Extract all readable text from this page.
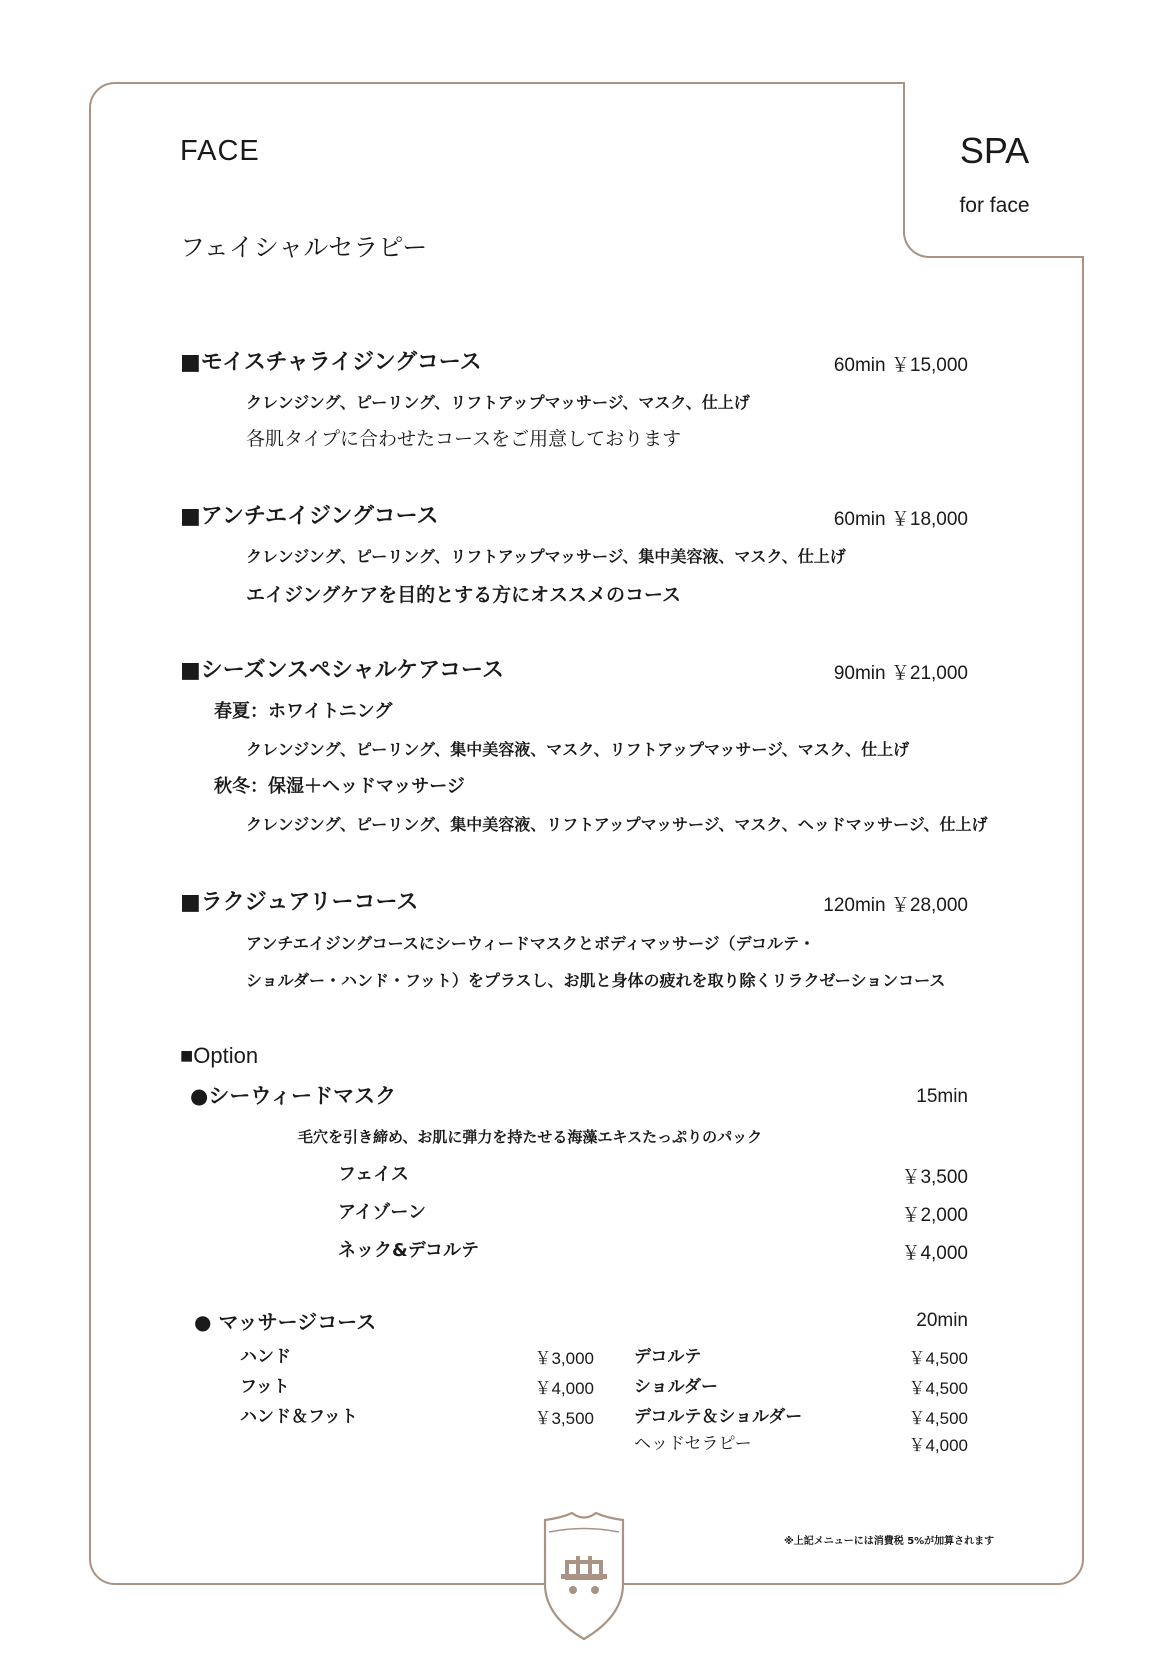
SPA
for face
FACE
フェイシャルセラピー
■モイスチャライジングコース	60min ￥15,000
クレンジング、ピーリング、リフトアップマッサージ、マスク、仕上げ
各肌タイプに合わせたコースをご用意しております
■アンチエイジングコース	60min ￥18,000
クレンジング、ピーリング、リフトアップマッサージ、集中美容液、マスク、仕上げ
エイジングケアを目的とする方にオススメのコース
■シーズンスペシャルケアコース	90min ￥21,000
春夏：ホワイトニング
クレンジング、ピーリング、集中美容液、マスク、リフトアップマッサージ、マスク、仕上げ
秋冬：保湿＋ヘッドマッサージ
クレンジング、ピーリング、集中美容液、リフトアップマッサージ、マスク、ヘッドマッサージ、仕上げ
■ラクジュアリーコース	120min ￥28,000
アンチエイジングコースにシーウィードマスクとボディマッサージ（デコルテ・
ショルダー・ハンド・フット）をプラスし、お肌と身体の疲れを取り除くリラクゼーションコース
■Option
●シーウィードマスク	15min
毛穴を引き締め、お肌に弾力を持たせる海藻エキスたっぷりのパック
フェイス	￥3,500
アイゾーン	￥2,000
ネック&デコルテ	￥4,000
● マッサージコース	20min
ハンド	￥3,000
フット	￥4,000
ハンド＆フット	￥3,500
デコルテ	￥4,500
ショルダー	￥4,500
デコルテ＆ショルダー	￥4,500
ヘッドセラピー	￥4,000
※上記メニューには消費税 5%が加算されます
